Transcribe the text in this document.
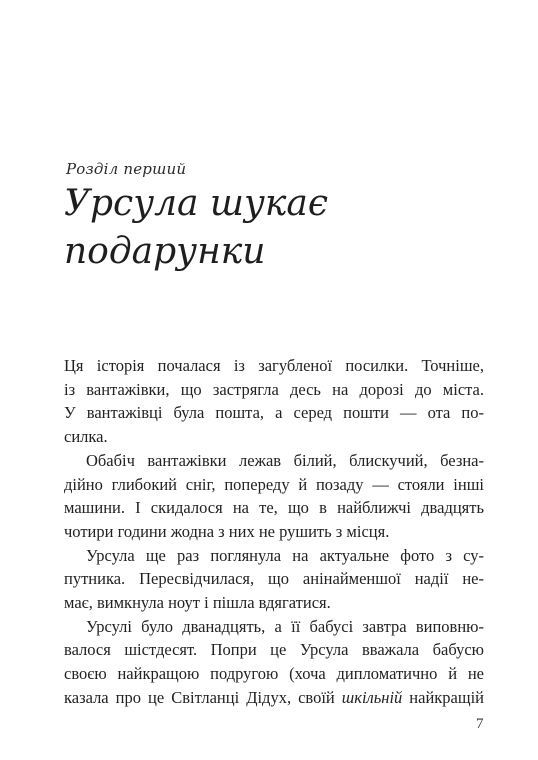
Розділ перший
Урсула шукає
подарунки

Ця історія почалася із загубленої посилки. Точніше,
із вантажівки, що застрягла десь на дорозі до міста.
У вантажівці була пошта, а серед пошти — ота по-
силка.

Обабіч вантажівки лежав білий, блискучий, безна-
дійно глибокий сніг, попереду й позаду — стояли інші
машини. І скидалося на те, що в найближчі двадцять
чотири години жодна з них не рушить з місця.

Урсула ще раз поглянула на актуальне фото з су-
путника. Пересвідчилася, що анінайменшої надії не-
має, вимкнула ноут і пішла вдягатися.

Урсулі було дванадцять, а її бабусі завтра виповню-
валося шістдесят. Попри це Урсула вважала бабусю
своєю найкращою подругою (хоча дипломатично й не
казала про це Світланці Дідух, своїй шкільній найкращій

7
